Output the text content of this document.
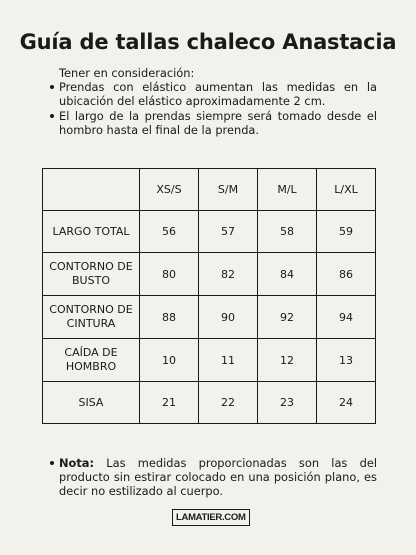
Guía de tallas chaleco Anastacia

Tener en consideración:

Prendas con elástico aumentan las medidas en la ubicación del elástico aproximadamente 2 cm.
El largo de la prendas siempre será tomado desde el hombro hasta el final de la prenda.
	XS/S	S/M	M/L	L/XL
LARGO TOTAL	56	57	58	59
CONTORNO DE BUSTO	80	82	84	86
CONTORNO DE CINTURA	88	90	92	94
CAÍDA DE HOMBRO	10	11	12	13
SISA	21	22	23	24

Nota: Las medidas proporcionadas son las del producto sin estirar colocado en una posición plano, es decir no estilizado al cuerpo.

LAMATIER.COM
